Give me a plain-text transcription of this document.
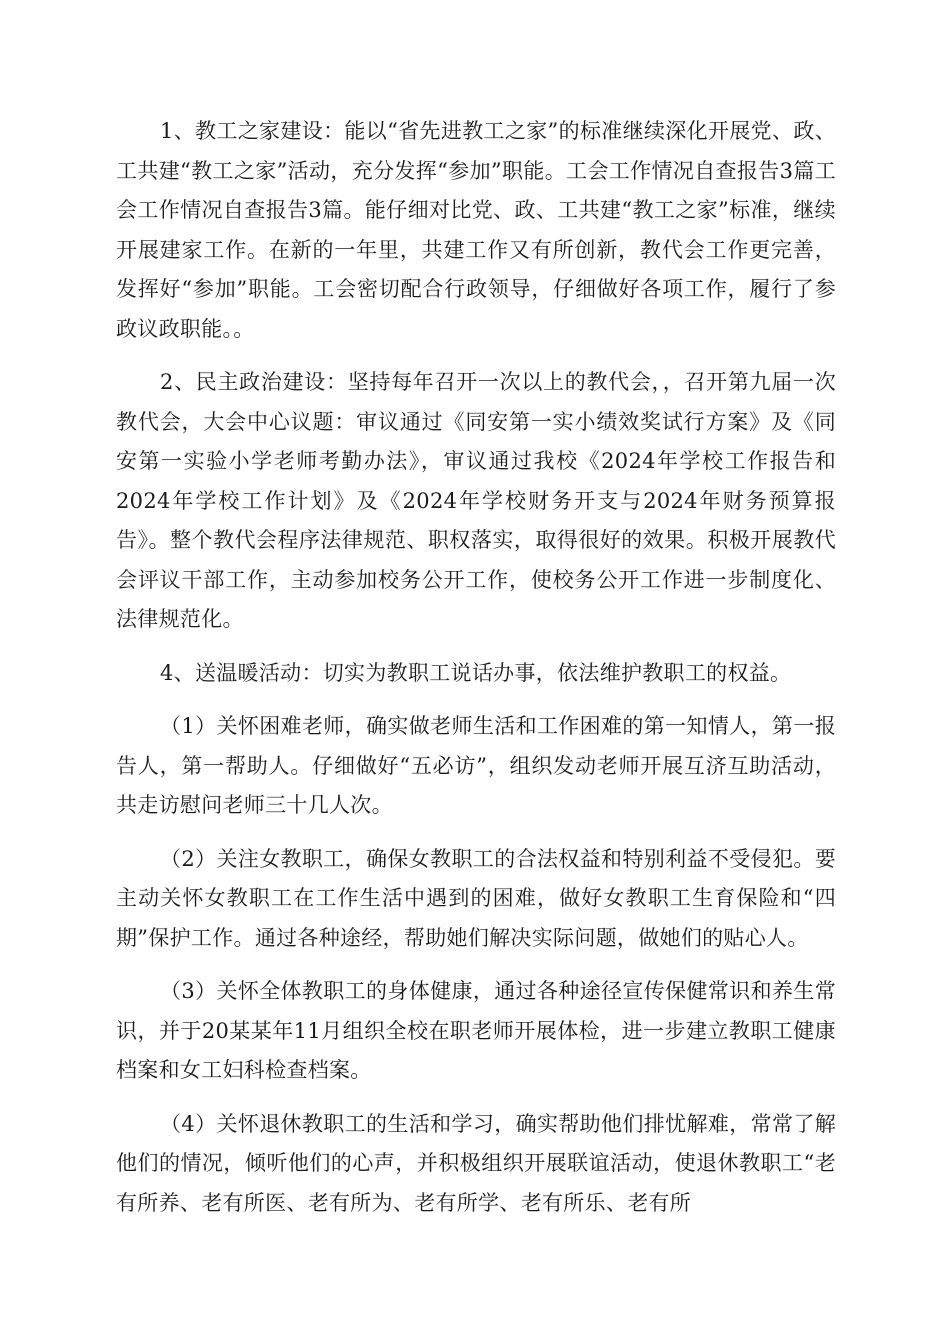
1、教工之家建设：能以“省先进教工之家”的标准继续深化开展党、政、工共建“教工之家”活动，充分发挥“参加”职能。工会工作情况自查报告3篇工会工作情况自查报告3篇。能仔细对比党、政、工共建“教工之家”标准，继续开展建家工作。在新的一年里，共建工作又有所创新，教代会工作更完善，发挥好“参加”职能。工会密切配合行政领导，仔细做好各项工作，履行了参政议政职能。。

2、民主政治建设：坚持每年召开一次以上的教代会，，召开第九届一次教代会，大会中心议题：审议通过《同安第一实小绩效奖试行方案》及《同安第一实验小学老师考勤办法》，审议通过我校《2024年学校工作报告和2024年学校工作计划》及《2024年学校财务开支与2024年财务预算报告》。整个教代会程序法律规范、职权落实，取得很好的效果。积极开展教代会评议干部工作，主动参加校务公开工作，使校务公开工作进一步制度化、法律规范化。

4、送温暖活动：切实为教职工说话办事，依法维护教职工的权益。

（1）关怀困难老师，确实做老师生活和工作困难的第一知情人，第一报告人，第一帮助人。仔细做好“五必访”，组织发动老师开展互济互助活动，共走访慰问老师三十几人次。

（2）关注女教职工，确保女教职工的合法权益和特别利益不受侵犯。要主动关怀女教职工在工作生活中遇到的困难，做好女教职工生育保险和“四期”保护工作。通过各种途经，帮助她们解决实际问题，做她们的贴心人。

（3）关怀全体教职工的身体健康，通过各种途径宣传保健常识和养生常识，并于20某某年11月组织全校在职老师开展体检，进一步建立教职工健康档案和女工妇科检查档案。

（4）关怀退休教职工的生活和学习，确实帮助他们排忧解难，常常了解他们的情况，倾听他们的心声，并积极组织开展联谊活动，使退休教职工“老有所养、老有所医、老有所为、老有所学、老有所乐、老有所
